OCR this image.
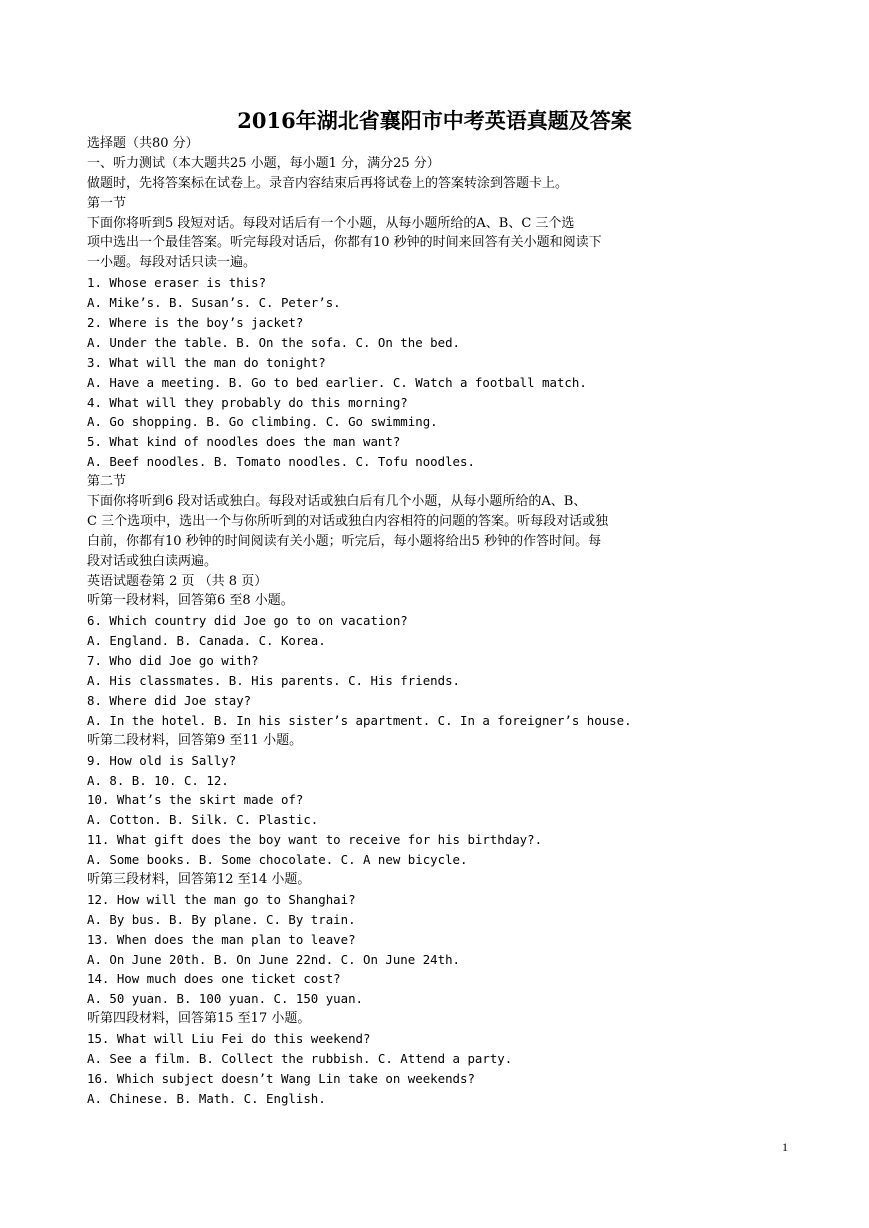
2016年湖北省襄阳市中考英语真题及答案
选择题（共80 分）
一、听力测试（本大题共25 小题，每小题1 分，满分25 分）
做题时，先将答案标在试卷上。录音内容结束后再将试卷上的答案转涂到答题卡上。
第一节
下面你将听到5 段短对话。每段对话后有一个小题，从每小题所给的A、B、C 三个选
项中选出一个最佳答案。听完每段对话后，你都有10 秒钟的时间来回答有关小题和阅读下
一小题。每段对话只读一遍。
1. Whose eraser is this?
A. Mike’s. B. Susan’s. C. Peter’s.
2. Where is the boy’s jacket?
A. Under the table. B. On the sofa. C. On the bed.
3. What will the man do tonight?
A. Have a meeting. B. Go to bed earlier. C. Watch a football match.
4. What will they probably do this morning?
A. Go shopping. B. Go climbing. C. Go swimming.
5. What kind of noodles does the man want?
A. Beef noodles. B. Tomato noodles. C. Tofu noodles.
第二节
下面你将听到6 段对话或独白。每段对话或独白后有几个小题，从每小题所给的A、B、
C 三个选项中，选出一个与你所听到的对话或独白内容相符的问题的答案。听每段对话或独
白前，你都有10 秒钟的时间阅读有关小题；听完后，每小题将给出5 秒钟的作答时间。每
段对话或独白读两遍。
英语试题卷第 2 页 （共 8 页）
听第一段材料，回答第6 至8 小题。
6. Which country did Joe go to on vacation?
A. England. B. Canada. C. Korea.
7. Who did Joe go with?
A. His classmates. B. His parents. C. His friends.
8. Where did Joe stay?
A. In the hotel. B. In his sister’s apartment. C. In a foreigner’s house.
听第二段材料，回答第9 至11 小题。
9. How old is Sally?
A. 8. B. 10. C. 12.
10. What’s the skirt made of?
A. Cotton. B. Silk. C. Plastic.
11. What gift does the boy want to receive for his birthday?.
A. Some books. B. Some chocolate. C. A new bicycle.
听第三段材料，回答第12 至14 小题。
12. How will the man go to Shanghai?
A. By bus. B. By plane. C. By train.
13. When does the man plan to leave?
A. On June 20th. B. On June 22nd. C. On June 24th.
14. How much does one ticket cost?
A. 50 yuan. B. 100 yuan. C. 150 yuan.
听第四段材料，回答第15 至17 小题。
15. What will Liu Fei do this weekend?
A. See a film. B. Collect the rubbish. C. Attend a party.
16. Which subject doesn’t Wang Lin take on weekends?
A. Chinese. B. Math. C. English.
1
